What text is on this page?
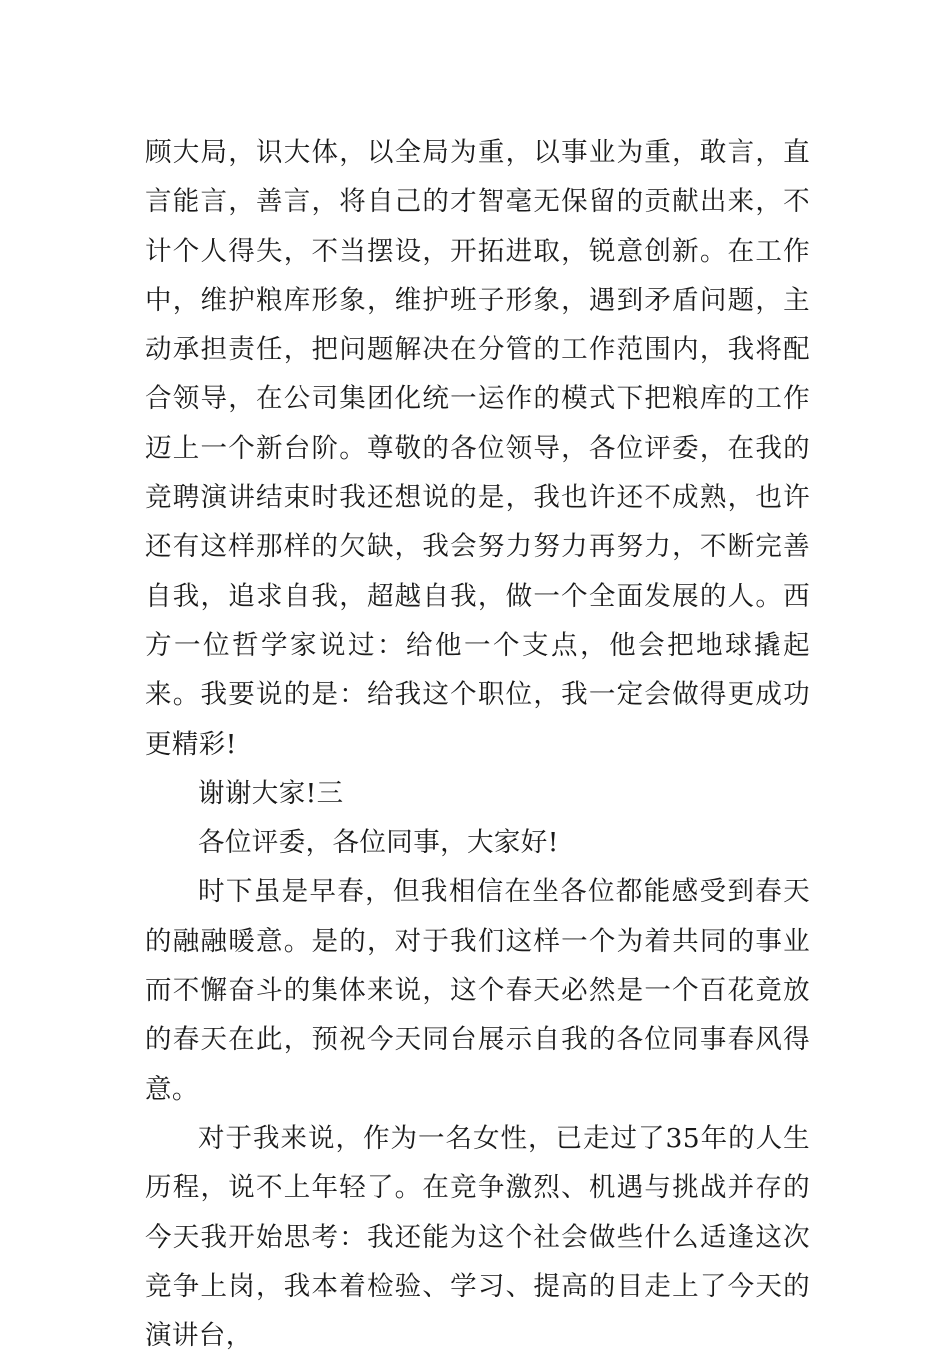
顾大局，识大体，以全局为重，以事业为重，敢言，直言能言，善言，将自己的才智毫无保留的贡献出来，不计个人得失，不当摆设，开拓进取，锐意创新。在工作中，维护粮库形象，维护班子形象，遇到矛盾问题，主动承担责任，把问题解决在分管的工作范围内，我将配合领导，在公司集团化统一运作的模式下把粮库的工作迈上一个新台阶。尊敬的各位领导，各位评委，在我的竞聘演讲结束时我还想说的是，我也许还不成熟，也许还有这样那样的欠缺，我会努力努力再努力，不断完善自我，追求自我，超越自我，做一个全面发展的人。西方一位哲学家说过：给他一个支点，他会把地球撬起来。我要说的是：给我这个职位，我一定会做得更成功更精彩!

谢谢大家!三

各位评委，各位同事，大家好!

时下虽是早春，但我相信在坐各位都能感受到春天的融融暖意。是的，对于我们这样一个为着共同的事业而不懈奋斗的集体来说，这个春天必然是一个百花竟放的春天在此，预祝今天同台展示自我的各位同事春风得意。

对于我来说，作为一名女性，已走过了35年的人生历程，说不上年轻了。在竞争激烈、机遇与挑战并存的今天我开始思考：我还能为这个社会做些什么适逢这次竞争上岗，我本着检验、学习、提高的目走上了今天的演讲台，
